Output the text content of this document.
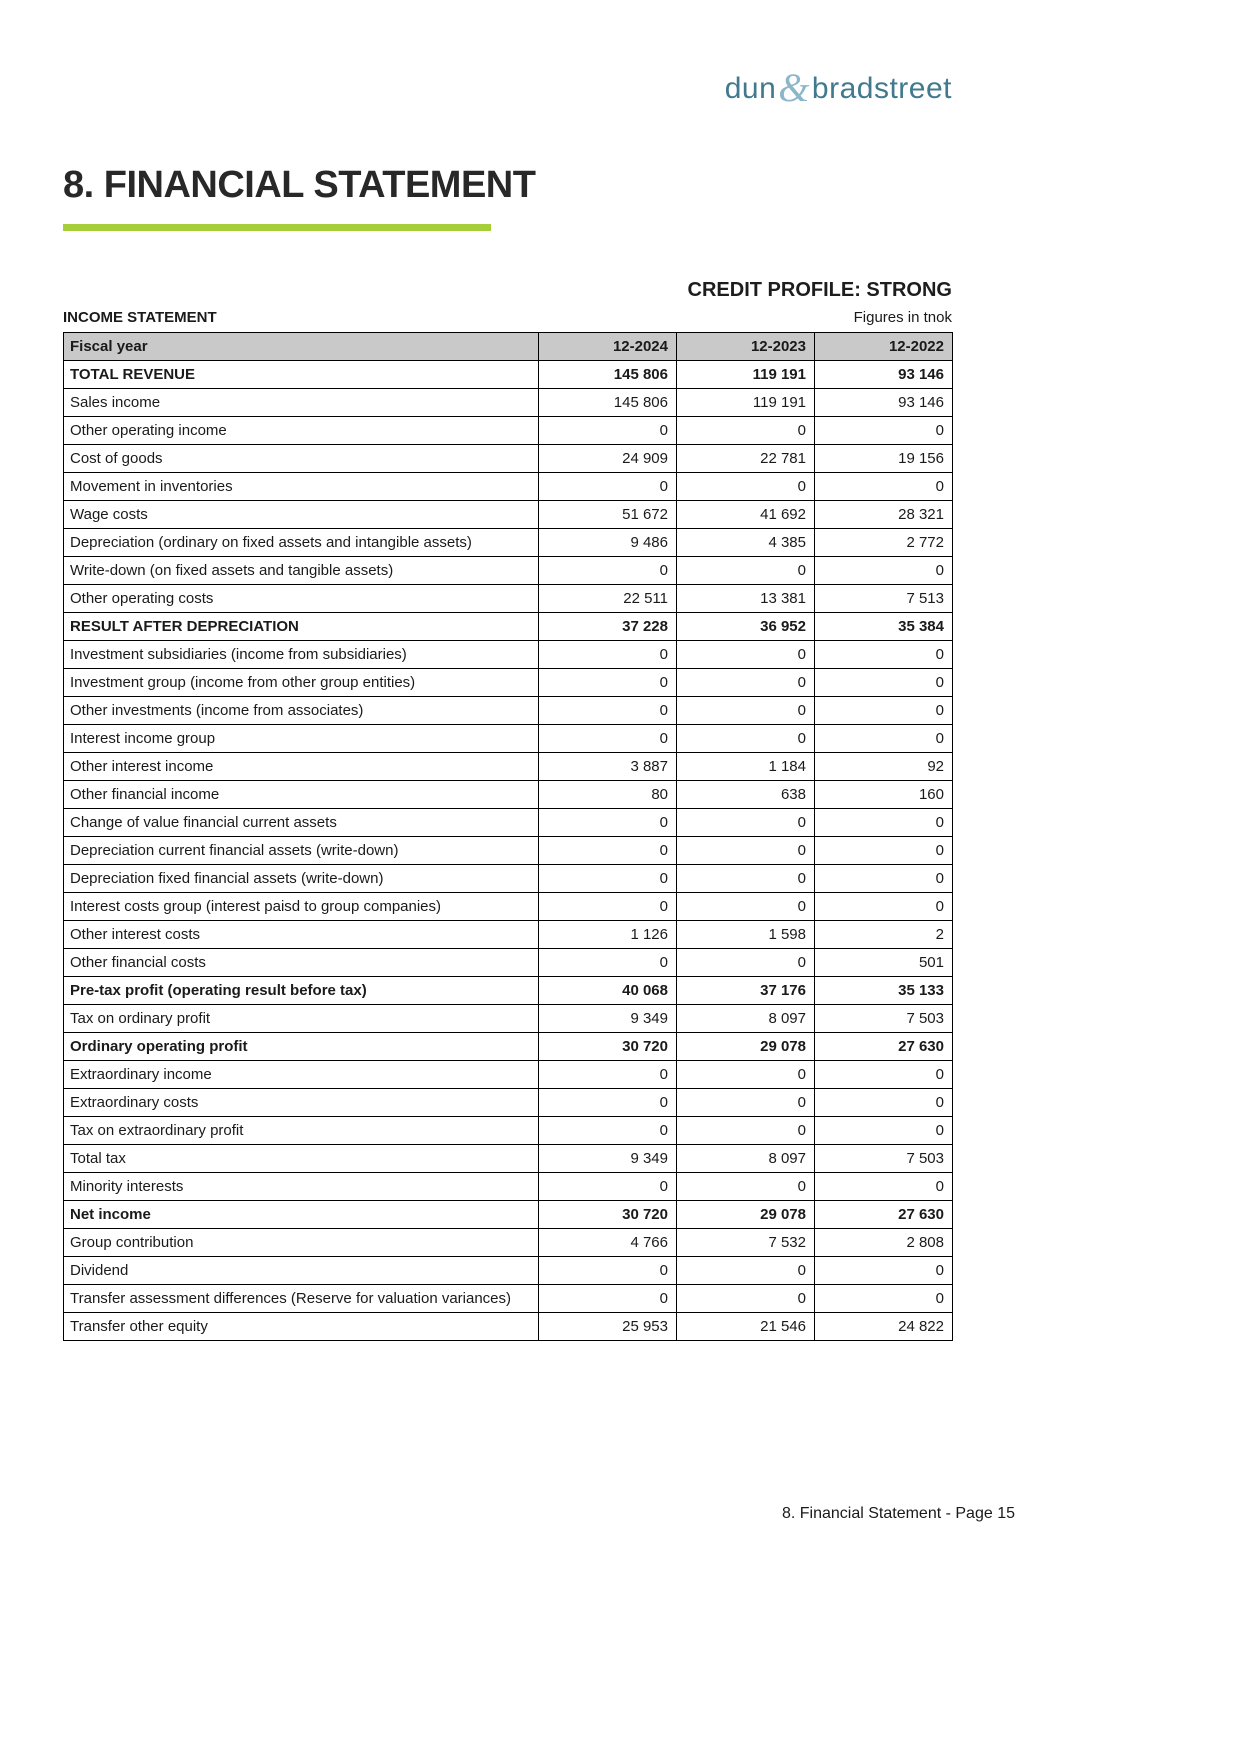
dun&bradstreet
8. FINANCIAL STATEMENT
CREDIT PROFILE: STRONG
INCOME STATEMENT	Figures in tnok
Fiscal year	12-2024	12-2023	12-2022
TOTAL REVENUE	145 806	119 191	93 146
Sales income	145 806	119 191	93 146
Other operating income	0	0	0
Cost of goods	24 909	22 781	19 156
Movement in inventories	0	0	0
Wage costs	51 672	41 692	28 321
Depreciation (ordinary on fixed assets and intangible assets)	9 486	4 385	2 772
Write-down (on fixed assets and tangible assets)	0	0	0
Other operating costs	22 511	13 381	7 513
RESULT AFTER DEPRECIATION	37 228	36 952	35 384
Investment subsidiaries (income from subsidiaries)	0	0	0
Investment group (income from other group entities)	0	0	0
Other investments (income from associates)	0	0	0
Interest income group	0	0	0
Other interest income	3 887	1 184	92
Other financial income	80	638	160
Change of value financial current assets	0	0	0
Depreciation current financial assets (write-down)	0	0	0
Depreciation fixed financial assets (write-down)	0	0	0
Interest costs group (interest paisd to group companies)	0	0	0
Other interest costs	1 126	1 598	2
Other financial costs	0	0	501
Pre-tax profit (operating result before tax)	40 068	37 176	35 133
Tax on ordinary profit	9 349	8 097	7 503
Ordinary operating profit	30 720	29 078	27 630
Extraordinary income	0	0	0
Extraordinary costs	0	0	0
Tax on extraordinary profit	0	0	0
Total tax	9 349	8 097	7 503
Minority interests	0	0	0
Net income	30 720	29 078	27 630
Group contribution	4 766	7 532	2 808
Dividend	0	0	0
Transfer assessment differences (Reserve for valuation variances)	0	0	0
Transfer other equity	25 953	21 546	24 822
8. Financial Statement - Page 15
